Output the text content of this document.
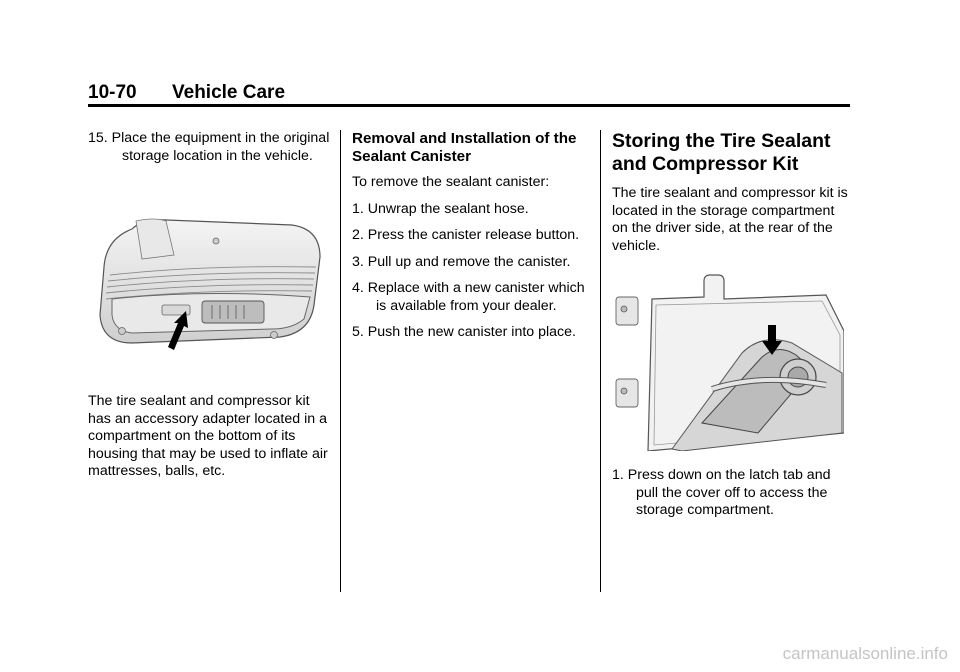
10-70 Vehicle Care

15. Place the equipment in the original storage location in the vehicle.

The tire sealant and compressor kit has an accessory adapter located in a compartment on the bottom of its housing that may be used to inflate air mattresses, balls, etc.

Removal and Installation of the Sealant Canister

To remove the sealant canister:

1. Unwrap the sealant hose.

2. Press the canister release button.

3. Pull up and remove the canister.

4. Replace with a new canister which is available from your dealer.

5. Push the new canister into place.

Storing the Tire Sealant and Compressor Kit

The tire sealant and compressor kit is located in the storage compartment on the driver side, at the rear of the vehicle.

1. Press down on the latch tab and pull the cover off to access the storage compartment.

carmanualsonline.info
